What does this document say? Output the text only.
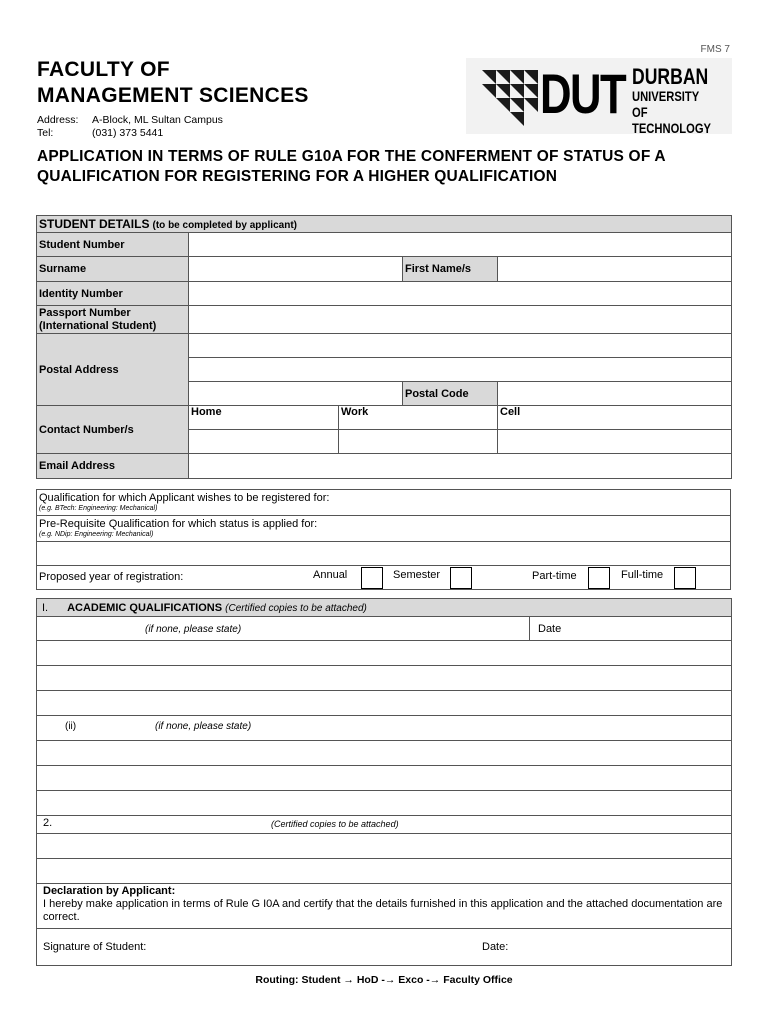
FMS 7
FACULTY OF
MANAGEMENT SCIENCES
Address: A-Block, ML Sultan Campus
Tel:	(031) 373 5441
DUT DURBAN
UNIVERSITY OF
TECHNOLOGY
APPLICATION IN TERMS OF RULE G10A FOR THE CONFERMENT OF STATUS OF A QUALIFICATION FOR REGISTERING FOR A HIGHER QUALIFICATION
STUDENT DETAILS (to be completed by applicant)				
Student Number				
Surname			First Name/s	
Identity Number				
Passport Number (International Student)				
Postal Address				

			Postal Code	
Contact Number/s	Home	Work		Cell

Email Address				
Qualification for which Applicant wishes to be registered for:
(e.g. BTech: Engineering: Mechanical)

Pre-Requisite Qualification for which status is applied for:
(e.g. NDip: Engineering: Mechanical)

Proposed year of registration:	Annual	Semester	Part-time	Full-time
I. ACADEMIC QUALIFICATIONS (Certified copies to be attached)
(if none, please state)	Date

(ii)	(if none, please state)

2.	(Certified copies to be attached)

Declaration by Applicant:
I hereby make application in terms of Rule G I0A and certify that the details furnished in this application and the attached documentation are correct.

Signature of Student:	Date:
Routing: Student → HoD -→ Exco -→ Faculty Office
